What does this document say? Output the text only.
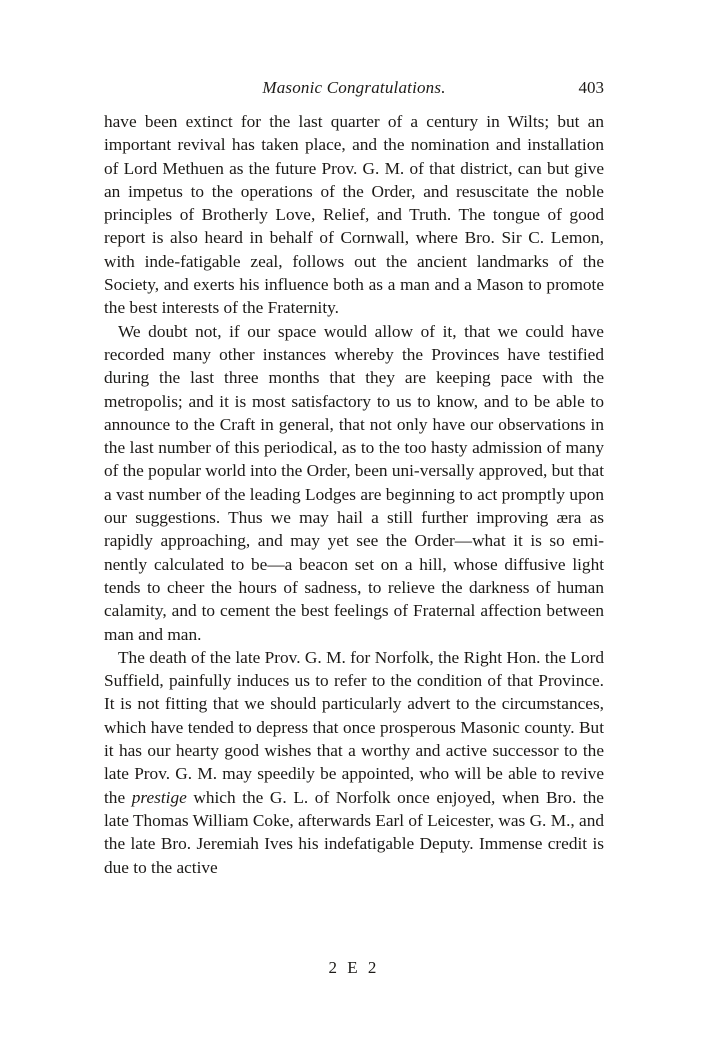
Masonic Congratulations.	403

have been extinct for the last quarter of a century in Wilts; but an important revival has taken place, and the nomination and installation of Lord Methuen as the future Prov. G. M. of that district, can but give an impetus to the operations of the Order, and resuscitate the noble principles of Brotherly Love, Relief, and Truth. The tongue of good report is also heard in behalf of Cornwall, where Bro. Sir C. Lemon, with inde-fatigable zeal, follows out the ancient landmarks of the Society, and exerts his influence both as a man and a Mason to promote the best interests of the Fraternity.

We doubt not, if our space would allow of it, that we could have recorded many other instances whereby the Provinces have testified during the last three months that they are keeping pace with the metropolis; and it is most satisfactory to us to know, and to be able to announce to the Craft in general, that not only have our observations in the last number of this periodical, as to the too hasty admission of many of the popular world into the Order, been uni-versally approved, but that a vast number of the leading Lodges are beginning to act promptly upon our suggestions. Thus we may hail a still further improving æra as rapidly approaching, and may yet see the Order—what it is so emi-nently calculated to be—a beacon set on a hill, whose diffusive light tends to cheer the hours of sadness, to relieve the darkness of human calamity, and to cement the best feelings of Fraternal affection between man and man.

The death of the late Prov. G. M. for Norfolk, the Right Hon. the Lord Suffield, painfully induces us to refer to the condition of that Province. It is not fitting that we should particularly advert to the circumstances, which have tended to depress that once prosperous Masonic county. But it has our hearty good wishes that a worthy and active successor to the late Prov. G. M. may speedily be appointed, who will be able to revive the prestige which the G. L. of Norfolk once enjoyed, when Bro. the late Thomas William Coke, afterwards Earl of Leicester, was G. M., and the late Bro. Jeremiah Ives his indefatigable Deputy. Immense credit is due to the active

2 E 2
